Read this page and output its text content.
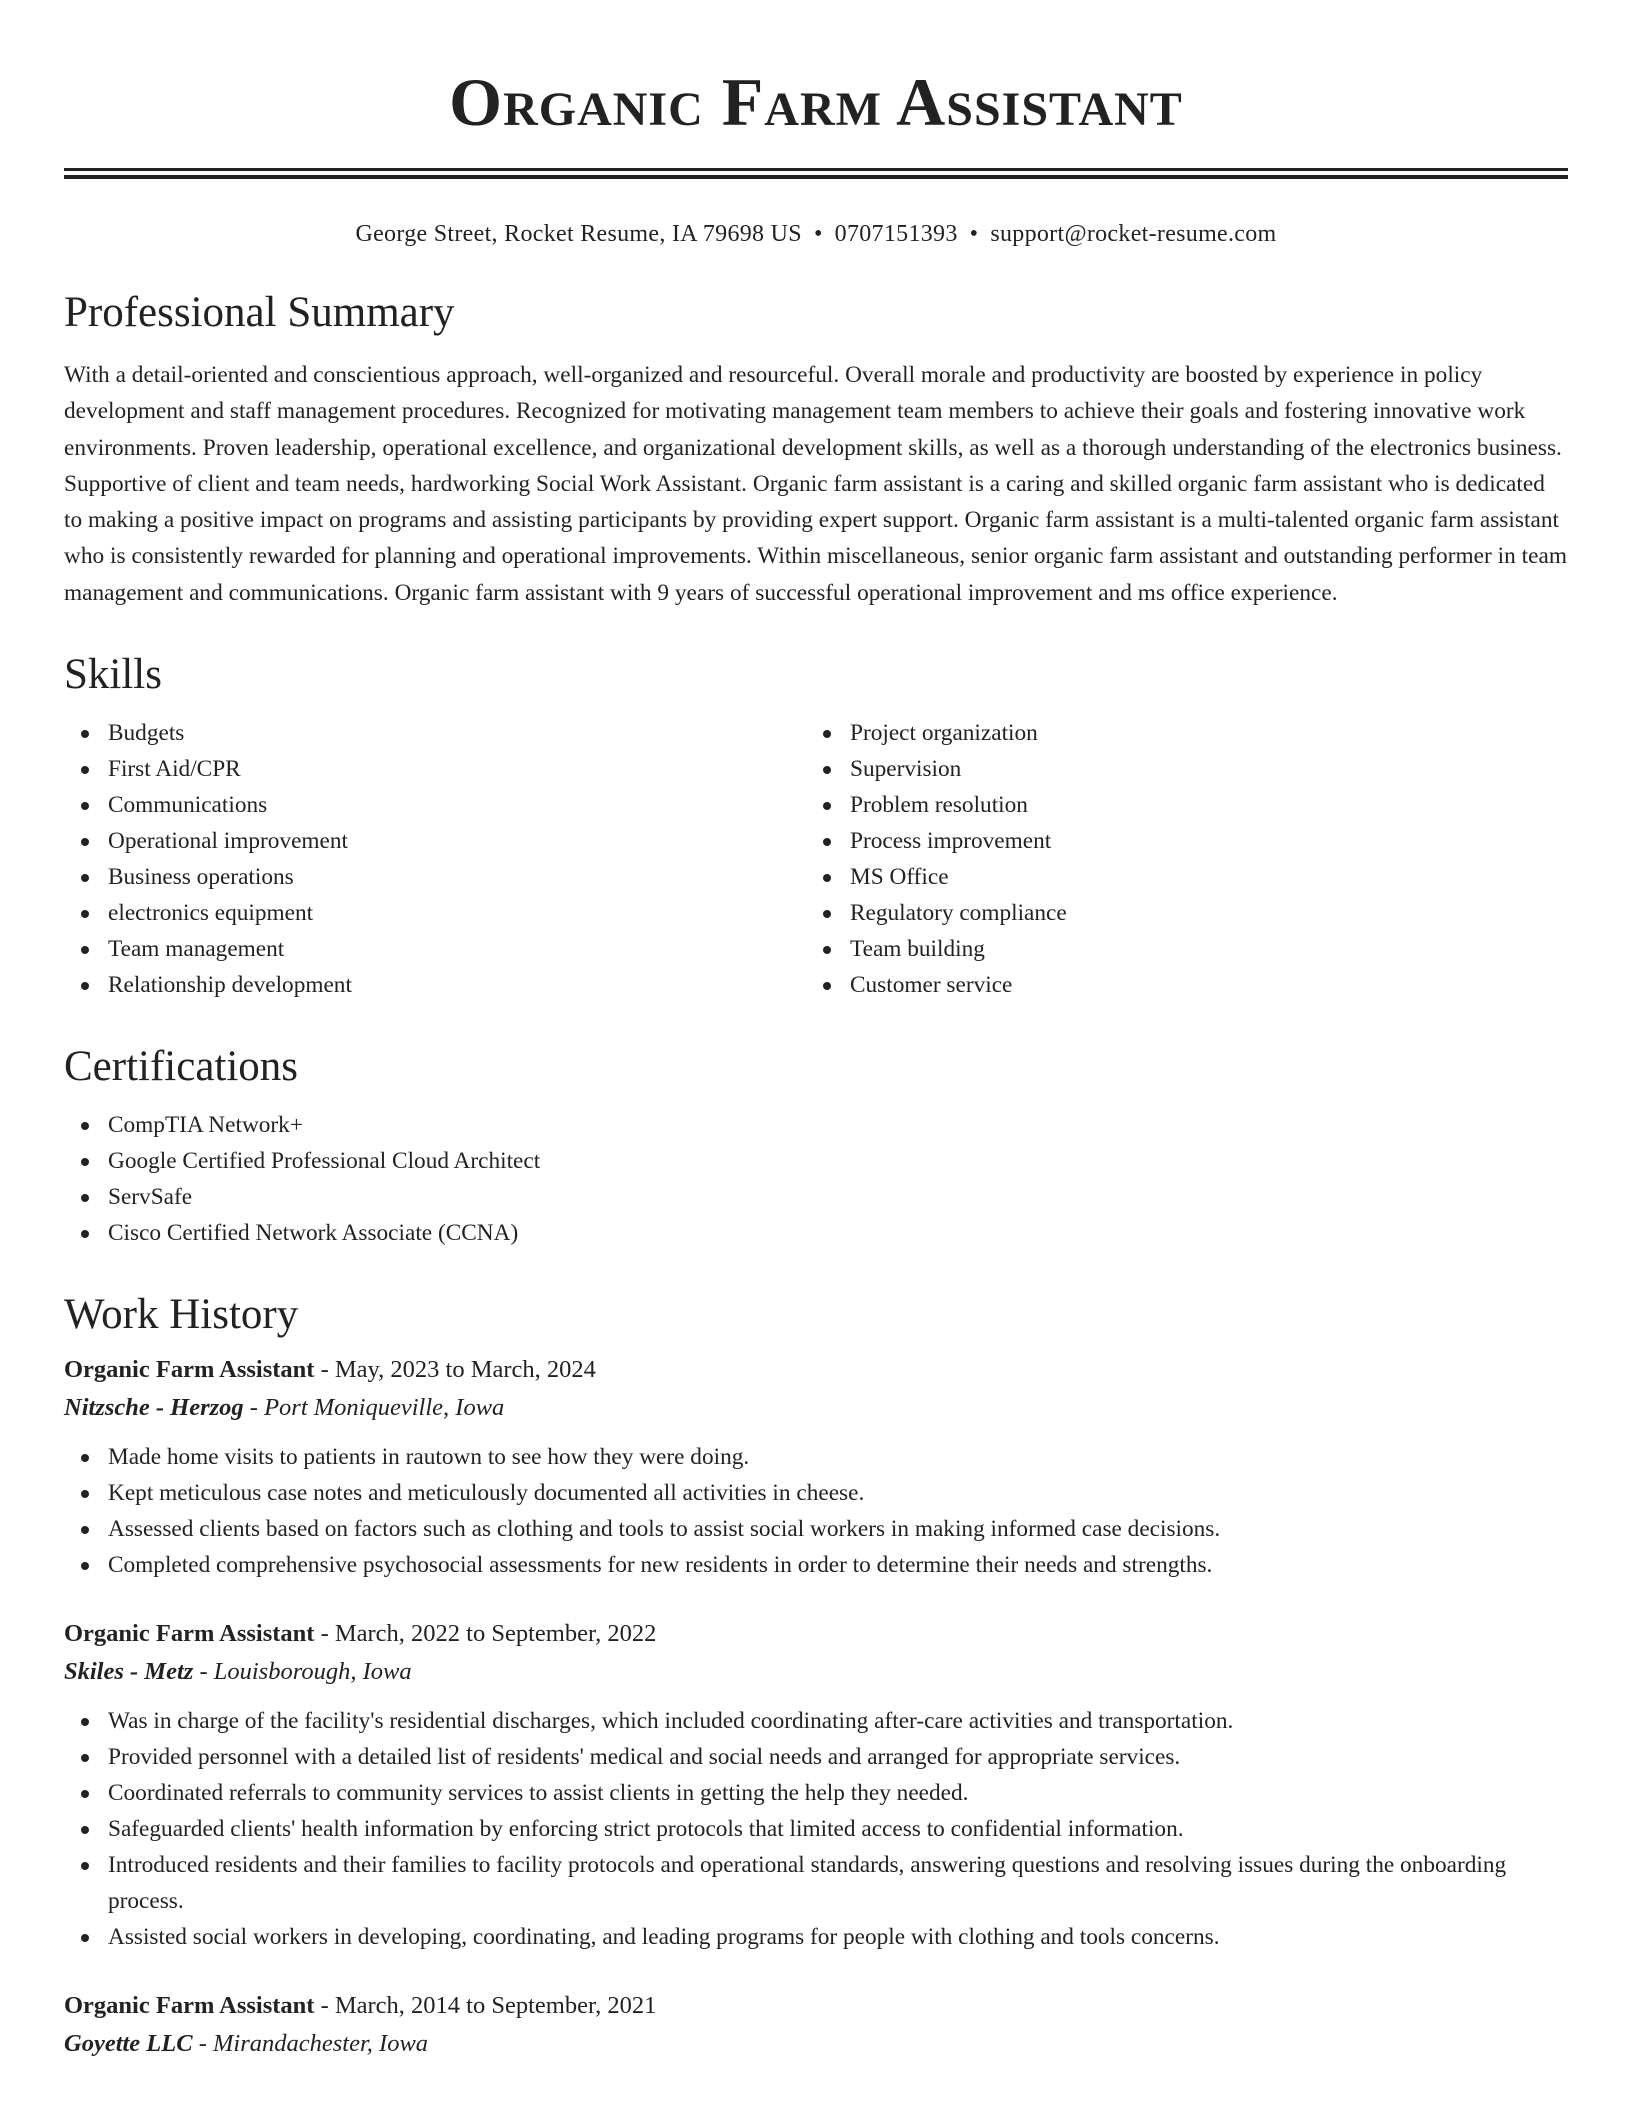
Organic Farm Assistant
George Street, Rocket Resume, IA 79698 US • 0707151393 • support@rocket-resume.com
Professional Summary

With a detail-oriented and conscientious approach, well-organized and resourceful. Overall morale and productivity are boosted by experience in policy development and staff management procedures. Recognized for motivating management team members to achieve their goals and fostering innovative work environments. Proven leadership, operational excellence, and organizational development skills, as well as a thorough understanding of the electronics business. Supportive of client and team needs, hardworking Social Work Assistant. Organic farm assistant is a caring and skilled organic farm assistant who is dedicated to making a positive impact on programs and assisting participants by providing expert support. Organic farm assistant is a multi-talented organic farm assistant who is consistently rewarded for planning and operational improvements. Within miscellaneous, senior organic farm assistant and outstanding performer in team management and communications. Organic farm assistant with 9 years of successful operational improvement and ms office experience.

Skills
Budgets
First Aid/CPR
Communications
Operational improvement
Business operations
electronics equipment
Team management
Relationship development
Project organization
Supervision
Problem resolution
Process improvement
MS Office
Regulatory compliance
Team building
Customer service
Certifications
CompTIA Network+
Google Certified Professional Cloud Architect
ServSafe
Cisco Certified Network Associate (CCNA)
Work History
Organic Farm Assistant - May, 2023 to March, 2024
Nitzsche - Herzog - Port Moniqueville, Iowa
Made home visits to patients in rautown to see how they were doing.
Kept meticulous case notes and meticulously documented all activities in cheese.
Assessed clients based on factors such as clothing and tools to assist social workers in making informed case decisions.
Completed comprehensive psychosocial assessments for new residents in order to determine their needs and strengths.
Organic Farm Assistant - March, 2022 to September, 2022
Skiles - Metz - Louisborough, Iowa
Was in charge of the facility's residential discharges, which included coordinating after-care activities and transportation.
Provided personnel with a detailed list of residents' medical and social needs and arranged for appropriate services.
Coordinated referrals to community services to assist clients in getting the help they needed.
Safeguarded clients' health information by enforcing strict protocols that limited access to confidential information.
Introduced residents and their families to facility protocols and operational standards, answering questions and resolving issues during the onboarding process.
Assisted social workers in developing, coordinating, and leading programs for people with clothing and tools concerns.
Organic Farm Assistant - March, 2014 to September, 2021
Goyette LLC - Mirandachester, Iowa
